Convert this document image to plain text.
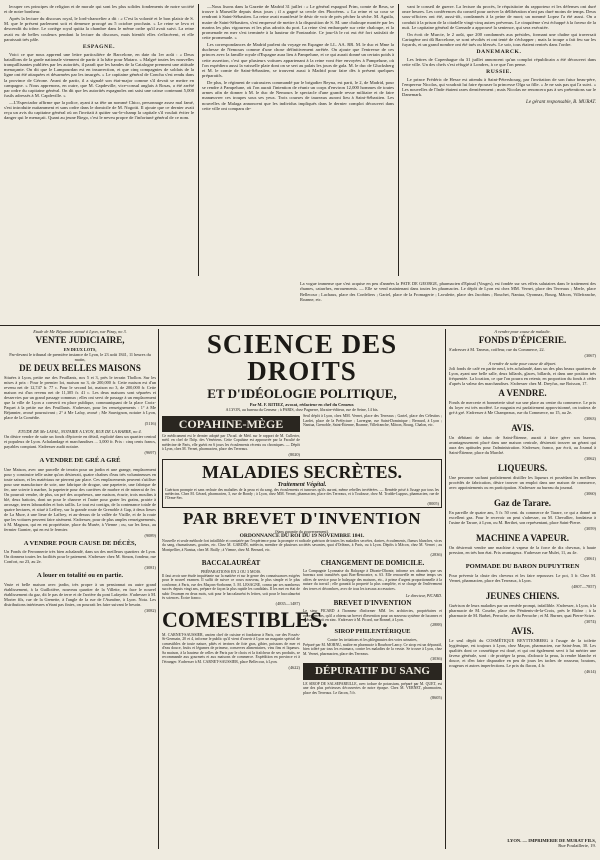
lecuper ces principes de religion et de morale qui sont les plus solides fondements de notre société et de notre bonheur.

Après la lecture du discours royal, le lord-chancelier a dit : « C'est la volonté et le bon plaisir de S. M. que le présent parlement soit et demeure prorogé au 5 octobre prochain. » Le reine se leva et descendit du trône. Le cortège royal quitta la chambre dans le même ordre qu'il avait suivi. La reine avait eu de belles couleurs pendant la lecture du discours, mais bientôt elles s'effacèrent, et elle paraissait très pâle.

ESPAGNE.

Voici ce que nous apprend une lettre particulière de Barcelone, en date du 1er août : « Deux bataillons de la garde nationale viennent de partir à la hâte pour Mataro. » Malgré toutes les nouvelles tranquillisantes publiées par les autorités, il paraît que les bandes de la Catalogne prennent une attitude menaçante. On dit que le Lampourdan est en insurrection, et que cinq compagnies de soldats de la ligne ont été attaquées et désarmées par les insurgés. » Le capitaine général de Concha s'est rendu dans la province de Gérone. Avant de partir, il a signalé son état-major comme s'il devait se mettre en campagne. » Nous apprenons, en outre, que M. Capdeville, vice-consul anglais à Rosas, a été arrêté par ordre du capitaine général. On dit que les autorités espagnoles ont saisi une caisse contenant 5,000 fusils adressés à M. Capdeville. »

—L'Espectador affirme que la police, ayant à sa tête un nommé Chico, personnage assez mal famé, s'est introduite nuitamment et sans ordre dans le domicile de M. Nogotti. Il ajoute que ce dernier avait reçu un avis du capitaine général où on l'invitait à quitter sur-le-champ la capitale s'il voulait éviter le danger qui le menaçait. Quant au jeune Riego, c'est le neveu propre de l'infortuné général de ce nom.

—Nous lisons dans la Gazette de Madrid 31 juillet : « Le général espagnol Prim, comte de Reus, se trouve à Marseille depuis deux jours ; il a gagné sa cercle des Phocéens. » La reine et sa cour se rendront à Saint-Sébastien. La reine avait manifesté le désir de voir de près pêcher la sèche. M. Aguila, maire de Saint-Sébastien, s'est empressé de mettre à la disposition de S. M. une chaloupe montée par les marins les plus vigoureux et les plus adroits du port. La reine s'est embarquée sur cette chaloupe, et la promenade en mer s'est terminée à la hauteur de Fontarabie. Ce jour-là le roi eut été fort satisfait de cette promenade. »

Les correspondances de Madrid parlent du voyage en Espagne de LL. AA. RR. M. le duc et Mme la duchesse de Nemours comme d'une chose définitivement arrêtée. On ajoute que l'entrevue de ces princes avec la famille royale d'Espagne aura lieu à Pampelune, et ce qui aurait donné un certain poids à cette assertion, c'est que plusieurs voitures appartenant à la reine vont être envoyées à Pampelune, où l'on expédiera aussi la vaisselle plate dont on se sert au palais les jours de gala. M. le duc de Glucksberg et M. le comte de Saint-Sébastien, se trouvent aussi à Madrid pour faire dès à présent quelques préparatifs.

De plus, le régiment de cuirassiers commandé par le brigadier Reyna, est parti, le 2, de Madrid, pour se rendre à Pampelune, où l'on aurait l'intention de réunir un corps d'environ 12,000 hommes de toutes armes afin de donner à M. le duc de Nemours le spectacle d'une grande revue militaire et de faire manœuvrer ces troupes sous ses yeux. Trois courses de taureaux auront lieu à Saint-Sébastien. Les nouvelles de Malaga annoncent que les individus impliqués dans le dernier complot découvert dans cette ville ont comparu de-

vant le conseil de guerre. La lecture du procès, le réquisitoire du rapporteur et les défenses ont duré onze heures. Les conférences du conseil pour arriver la délibération n'ont pas duré moins de temps. Deux sous-officiers ont été, aussi-tôt, condamnés à la peine de mort; un nommé Lopez l'a été aussi. On a conduit à la prison de la citadelle vingt-cinq autres prévenus. Le cinquième s'est échappé à la faveur de la nuit. Le capitaine général de Grenade a approuvé la sentence, qui sera exécutée.

On écrit de Murcie, le 2 août, que 200 condamnés aux présides, formant une chaîne qui traversait Cartagène ont dû Barcelone, se sont révoltés et ont tenté de s'échapper ; mais la troupe a fait feu sur les fuyards, et un grand nombre ont été tués ou blessés. Le soir, tous étaient rentrés dans l'ordre.

DANEMARCK.

Les lettres de Copenhague du 31 juillet annoncent qu'un complot républicain a été découvert dans cette ville. Un des chefs s'est réfugié à Londres, à ce que l'on pense.

RUSSIE.

Le prince Frédéric de Hesse est attendu à Saint-Pétersbourg, par l'invitation de son futur beau-père, l'empereur Nicolas, qui voudrait lui faire épouser la princesse Olga sa fille. « Je ne sais pas qui l'a suivi. » Les nouvelles de l'Inde étaient rares dernièrement ; mais Nicolas ne renoncera pas à ses prétentions sur le Danemark.

Le gérant responsable, B. MURAT.
La vogue immense que s'est acquise en peu d'années la PATE DE GEORGE, pharmacien d'Epinal (Vosges), est fondée sur ses effets salutaires dans le traitement des rhumes, catarrhes, enrouements. — Elle se vend maintenant dans toutes les pharmacies. Le dépôt de Lyon est chez MM. Vernet, place des Terreaux ; Merle, place Bellecour ; Lachaux, place des Cordeliers ; Gariel, place de la Fromagerie ; Lavalette, place des Jacobins ; Bouchet, Nantua, Oyonnax, Bourg, Mâcon, Villefranche, Roanne, etc.
Etude de Me Béjannier, avoué à Lyon, rue Pizay, no 3.
VENTE JUDICIAIRE,
EN DEUX LOTS,
Par-devant le tribunal de première instance de Lyon, le 23 août 1841, 11 heures du matin,
DE DEUX BELLES MAISONS

Situées à Lyon, petite rue des Feuillants, nos 5 et 3, près le terrain Thollon. Sur les mises à prix : Pour le premier lot, maison no 3, de 200,000 fr. Cette maison est d'un revenu net de 12,747 fr. 77 c. Pour le second lot, maison no 3, de 200,000 fr. Cette maison est d'un revenu net de 11,305 fr. 41 c. Les deux maisons sont séparées et desservies par un grand passage commun ; elles ont servi de passage à un emplacement que la ville de Lyon a converti en place publique, communiquant de la place Croix-Paquet à la petite rue des Feuillants. S'adresser, pour les renseignements : 1° à Me Béjannier, avoué poursuivant ; 2° à Me Lafay, avoué ; Me Sauvignon, notaire à Lyon, place de la Comédie.

(5116)
ETUDE DE Me LAVAL, NOTAIRE A LYON, RUE DE LA BARRE, no 4.

On désire vendre de suite un fonds d'épicerie en détail, exploité dans un quartier central et populeux de Lyon. Achalandage et marchandises ... 3,000 fr. Prix : cinq cents francs, payables comptant. S'adresser audit notaire.

(9697)
A VENDRE DE GRÉ A GRÉ

Une Maison, avec une parcelle de terrain pour un jardin et une grange, emplacement pour y construire telle usine qu'on désirerait, quatre chaînes d'eau très volumineuses en toute saison, et les matériaux ne pierrent par place. Ces emplacements peuvent s'utiliser pour une manufacture de soie, une fabrique de drogue, une papeterie, une fabrique de fer, une scierie à marbre, la papeterie pour des carrières de marbre et de minerai de fer. On pourrait vendre, de plus, un pré des acquéreurs, une maison, écurie, trois moulins à blé, deux battoirs, dont un pour le chanvre et l'autre pour grater les grains, prairie à arrosage, terres labourables et bois taillis. Le tout est contigu, de la contenance totale de quatre hectares, et situé à Leffrey, sur la grande route de Grenoble à Gap, à deux lieues de La Mure, à une lieue de Laffrey, et au-dessus de la vallée de Vizille, et de la route que les voitures peuvent faire aisément. S'adresser, pour de plus amples renseignements, à M. Magnon, qui en est propriétaire, place du Musée, à Vienne ; ou, sur les lieux, au fermier Garnier, qui en est le fermier.

(9089)
A VENDRE POUR CAUSE DE DÉCÈS,

Un Fonds de Ferronnerie très bien achalandé, dans un des meilleurs quartiers de Lyon. On donnera toutes les facilités pour le paiement. S'adresser chez M. Simon, fondeur, rue Confort, no 23, au 2e.

(3081)
A louer en totalité ou en partie.

Vaste et belle maison avec jardin, très propre à un pensionnat ou autre grand établissement, à la Guillotière, nouveau quartier de la Villette, en face le nouvel établissement du gaz, dit le pas de terre et de l'arrière du pont Lafayette. S'adresser à M. Morier fils, rue de la Grenette, à l'angle de la rue de l'Aumône, à Lyon. Nota. Les distributions intérieures n'étant pas finies, on pourrait les faire suivant le besoin.

(3082)
SCIENCE DES DROITS
ET D'IDÉOLOGIE POLITIQUE,
Par M. F. RITIEZ, avocat, rédacteur en chef du Censeur.
A LYON, au bureau du Censeur ; à PARIS, chez Pagnerre, libraire-éditeur, rue de Seine, 14 bis.
COPAHINE-MÈGE
Ce médicament est le dernier adopté par l'Acad. de Méd. sur le rapport de M. Cullerier, méd. en chef de l'hôp. des Vénériens. Cette Copahine est approuvée par la Faculté de médecine de Paris, elle guérit en 6 jours les écoulements récents ou chroniques. — Dépôt à Lyon, chez M. Vernet, pharmacien, place des Terreaux.
(8020)
Seul dépôt à Lyon, chez MM. Vernet, place des Terreaux ; Gariel, place des Célestins ; Lardet, place de la Préfecture ; Lavergne, rue Saint-Dominique ; Bernard, à Lyon ; Nantua, Grenoble, Saint-Étienne, Roanne, Villefranche, Mâcon, Bourg, Chalon, etc.
MALADIES SECRÈTES.
Traitement Végétal.
Guérison prompte et sans rechute des maladies de la peau et du sang, des écoulements et tumeurs qu'ils auront, même rebelles invétérées. — Remède prisé à l'usage par tous les médecins. Chez M. Gérard, pharmacien, 3, rue de Bondy ; à Lyon, chez MM. Vernet, pharmacien, place des Terreaux, et à Toulouse, chez M. Trodde-Luppus, pharmacien, rue de l'Orme-Sec.
(8005)
PAR BREVET D'INVENTION
(Sans garantie du gouvernement).
ORDONNANCE DU ROI DU 19 NOVEMBRE 1841.
Nouvelle et seule méthode fort infaillible et constatée par l'expérience pour la prompte et radicale guérison de toutes les maladies secrètes, dartres, écoulements, flueurs blanches, vices du sang, rhumatismes, gouttes, etc. Chez M. GARDIN, médecin, membre de plusieurs sociétés savantes, quai d'Orléans, à Paris, ou à Lyon. Dépôts à Mâcon, chez M. Vernet ; au Montpellier, à Nantua, chez M. Bailly ; à Vienne, chez M. Bernard, etc.
(2836)
BACCALAURÉAT
PRÉPARATIONS EN 2 OU 3 MOIS.
Il faut avoir une étude inquiétante sur la matière et sur le genre des connaissances exigées pour le nouvel examen. Il suffit de suivre ce cours nouveau, le plus simple et le plus conforme, à Paris, rue des Maçons-Sorbonne, 5. M. LESAGNE, connu par ses nombreux succès depuis vingt ans, prépare de façon la plus rapide les candidats. Il les met en état de subir l'examen en deux mois, soit pour le baccalauréat ès lettres, soit pour le baccalauréat ès sciences. Écrire franco.
(4835—1487)
COMESTIBLES.
M. CARNET-SAUSSIER, ancien chef de cuisine et fondateur à Paris, rue des Fossés-St-Germain, 20 et 4, informe le public qu'il vient d'ouvrir à Lyon un magasin spécial de comestibles de toute nature, pâtés et terrines de foie gras, gibier, poissons de mer et d'eau douce, fruits et légumes de primeur, conserves alimentaires, vins fins et liqueurs. Sa maison, à la hauteur de celles de Paris par le choix et la fraîcheur de ses produits, se recommande aux gourmets et aux maisons de commerce. Expédition en province et à l'étranger. S'adresser à M. CARNET-SAUSSIER, place Bellecour, à Lyon.
(4622)
CHANGEMENT DE DOMICILE.
La Compagnie Lyonnaise du Balayage à Dhonte-Dhonte, informe ses abonnés que ses bureaux sont transférés quai Bon-Rencontre, n. 63. Elle renouvelle en même temps ses offres de service pour le balayage des maisons, etc., à prime d'argent proportionnelle à la nature du travail ; elle garantit la propreté la plus complète, et se charge de l'enlèvement des terres et décombres, avec de tous les travaux accessoires.
Le directeur, PICARD.
BREVET D'INVENTION
Le sieur PICARD à l'honneur d'informer MM. les architectes, propriétaires et entrepreneurs, qu'il a obtenu un brevet d'invention pour un nouveau système de lucarnes et châssis de toit en zinc. S'adresser à M. Picard, rue Bonnel, à Lyon.
(2888)
SIROP PHILENTÉRIQUE
Contre les irritations et les phlegmasies des voies urinaires,
Préparé par M. MORNU, maître en pharmacie à Bourbon-Lancy. Ce sirop est un dépuratif, bien toléré par tous les estomacs, contre les maladies de la vessie. Se trouve à Lyon, chez M. Vernet, pharmacien, place des Terreaux.
(3036)
DÉPURATIF DU SANG
LE SIROP DE SALSEPAREILLE, avec iodure de potassium, préparé par M. QUET, est une des plus précieuses découvertes de notre époque. Chez M. VERNET, pharmacien, place des Terreaux. Le flacon, 5 fr.
(8605)
A vendre pour cause de maladie.
FONDS D'ÉPICERIE.

S'adresser à M. Taneux, coiffeur, rue du Commerce, 22.

(3067)
A vendre de suite pour cause de départ.

Joli fonds de café en partie neuf, très achalandé, dans un des plus beaux quartiers de Lyon, ayant une belle salle, deux billards, glaces, billards, et dans une position très fréquentée. La location, ce que l'on pourra en retenir, en proportion du fonds à céder d'après la valeur des marchandises. S'adresser chez M. Dreyfus, rue Boisson, 17.

A VENDRE.

Fonds de mercerie et bonneterie situé sur une place au centre du commerce. Le prix du loyer est très modéré. Le magasin est parfaitement approvisionné, on traitera de gré à gré. S'adresser à Me Champeaux, rue du Commerce, no 15, au 2e.

(3063)
AVIS.

Un débitant de tabac de Saint-Étienne, aurait à faire gérer son bureau, avantageusement placé dans une maison centrale, désirerait trouver un gérant qui aura des aptitudes pour l'administration. S'adresser, franco, par écrit, au Journal à Saint-Étienne, place du Marché.

(3062)
LIQUEURS.

Une personne sachant parfaitement distiller les liqueurs et possédant les meilleurs procédés de fabrication, désire trouver un emploi dans une maison de commerce, avec appointements ou en participation. S'adresser au bureau du journal.

(3060)
Gaz de Tarare.

En pareille de quatre ans, 5 fr. 50 cent. du commerce de Tarare, ce qui a donné un excellent gaz. Pour le recevoir on peut s'adresser, ou M. Chevallier, fondateur à l'usine de Tarare, à Lyon, ou M. Berthet, son représentant, place Saint-Pierre.

(3059)
MACHINE A VAPEUR.

On désirerait vendre une machine à vapeur de la force de dix chevaux, à haute pression, en très bon état. Prix avantageux. S'adresser rue Mulet, 11, au 4e.

(3061)
POMMADE DU BARON DUPUYTREN

Pour prévenir la chute des cheveux et les faire repousser. Le pot, 3 fr. Chez M. Vernet, pharmacien, place des Terreaux, à Lyon.

(4807—7857)
JEUNES CHIENS.

Guérison de leurs maladies par un remède prompt, infaillible. S'adresser, à Lyon, à la pharmacie de M. Courbe, place des Pénitents-de-la-Croix, près le Rhône ; à la pharmacie de M. Barbet, Perrache, rue du Perrache ; et M. Burner, quai Pierre-Scize.

(3074)
AVIS.

Le seul dépôt du COSMÉTIQUE REYTTENBERG à l'usage de la toilette hygiénique, est toujours à Lyon, chez Maçon, pharmacien, rue Saint-Jean, 30. Les qualités dont ce cosmétique est doué, et qui ont également servi à lui mériter une faveur générale, sont : de protéger la peau, d'adoucir la peau, la rendre blanche et douce, et d'en faire disparaître en peu de jours les taches de rousseur, boutons, rougeurs et autres imperfections. Le prix du flacon, 4 fr.

(4614)
LYON. — IMPRIMERIE DE MURAT FILS,
Rue Poulaillerie, 19.
